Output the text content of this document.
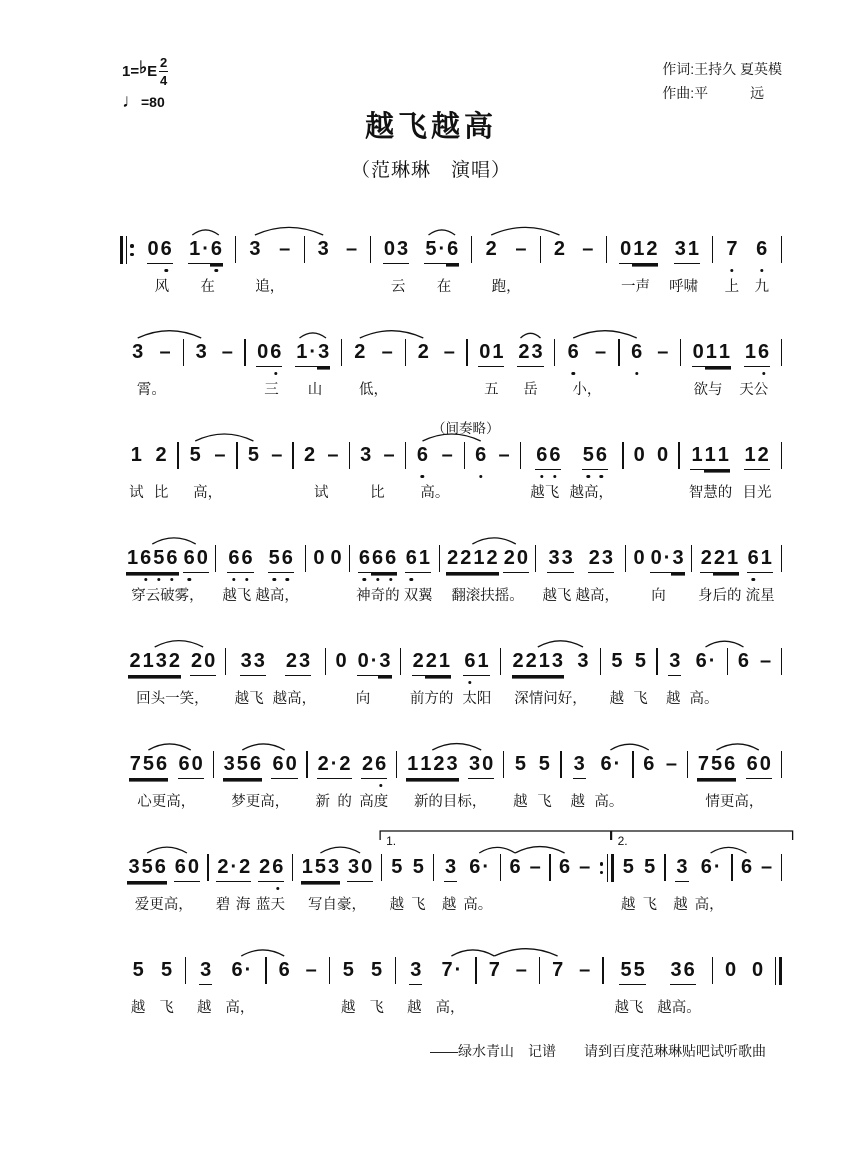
越飞越高
（范琳琳　演唱）
1= ♭ E $\frac{2}{4}$
♩=80
作词:王持久 夏英模
作曲:平　　　远
0 6 1 · 6
风 在
3 –
追，
3 – 0 3 5 · 6
云 在
2 –
跑，
2 – 0 1 2 3 1
一声 呼啸
7 6
上 九
3 –
霄。
3 – 0 6 1 · 3
三 山
2 –
低，
2 – 0 1 2 3
五 岳
6 –
小，
6 – 0 1 1 1 6
欲与 天公
1 2
试 比
5 –
高，
5 – 2 –
试
3 –
比
6 –
高。
（间奏略）
6 – 6 6 5 6
越飞 越高，
0 0 1 1 1 1 2
智慧的 目光
1 6 5 6 6 0
穿云破雾，
6 6 5 6
越飞 越高，
0 0 6 6 6 6 1
神奇的 双翼
2 2 1 2 2 0
翻滚扶摇。
3 3 2 3
越飞 越高，
0 0 · 3
向
2 2 1 6 1
身后的 流星
2 1 3 2 2 0
回头一笑，
3 3 2 3
越飞 越高，
0 0 · 3
向
2 2 1 6 1
前方的 太阳
2 2 1 3 3
深情问好，
5 5
越 飞
3 6 ·
越 高。
6 –
7 5 6 6 0
心更高，
3 5 6 6 0
梦更高，
2 · 2 2 6
新 的 高度
1 1 2 3 3 0
新的目标，
5 5
越 飞
3 6 ·
越 高。
6 – 7 5 6 6 0
情更高，
3 5 6 6 0
爱更高，
2 · 2 2 6
碧 海 蓝天
1 5 3 3 0
写自豪，
5 5
越 飞
3 6 ·
越 高。
6 – 6 – 5 5
越 飞
3 6 ·
越 高，
6 –
1.	2.
5 5
越 飞
3 6 ·
越 高，
6 – 5 5
越 飞
3 7 ·
越 高，
7 – 7 – 5 5 3 6
越飞 越高。
0 0
——绿水青山　记谱　　请到百度范琳琳贴吧试听歌曲
